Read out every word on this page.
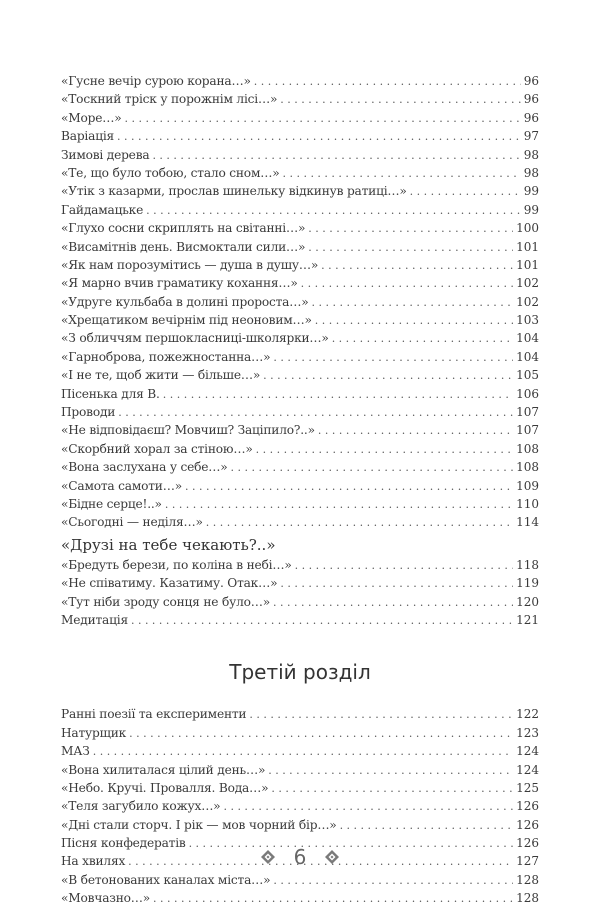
«Гусне вечір сурою корана…» . . .	96
«Тоскний тріск у порожнім лісі…» . . .	96
«Море…» . . .	96
Варіація . . .	97
Зимові дерева . . .	98
«Те, що було тобою, стало сном…» . . .	98
«Утік з казарми, прослав шинельку відкинув ратиці…» . . .	99
Гайдамацьке . . .	99
«Глухо сосни скриплять на світанні…» . . .	100
«Висамітнів день. Висмоктали сили…» . . .	101
«Як нам порозумітись — душа в душу…» . . .	101
«Я марно вчив граматику кохання…» . . .	102
«Удруге кульбаба в долині пророста…» . . .	102
«Хрещатиком вечірнім під неоновим…» . . .	103
«З обличчям першокласниці-школярки…» . . .	104
«Гарноброва, пожежностанна…» . . .	104
«І не те, щоб жити — більше…» . . .	105
Пісенька для В. . . .	106
Проводи . . .	107
«Не відповідаєш? Мовчиш? Заціпило?..» . . .	107
«Скорбний хорал за стіною…» . . .	108
«Вона заслухана у себе…» . . .	108
«Самота самоти…» . . .	109
«Бідне серце!..» . . .	110
«Сьогодні — неділя…» . . .	114
«Друзі на тебе чекають?..»
«Бредуть берези, по коліна в небі…» . . .	118
«Не співатиму. Казатиму. Отак…» . . .	119
«Тут ніби зроду сонця не було…» . . .	120
Медитація . . .	121
Третій розділ
Ранні поезії та експерименти . . .	122
Натурщик . . .	123
МАЗ . . .	124
«Вона хилиталася цілий день…» . . .	124
«Небо. Кручі. Провалля. Вода…» . . .	125
«Теля загубило кожух…» . . .	126
«Дні стали сторч. І рік — мов чорний бір…» . . .	126
Пісня конфедератів . . .	126
На хвилях . . .	127
«В бетонованих каналах міста…» . . .	128
«Мовчазно…» . . .	128
6
